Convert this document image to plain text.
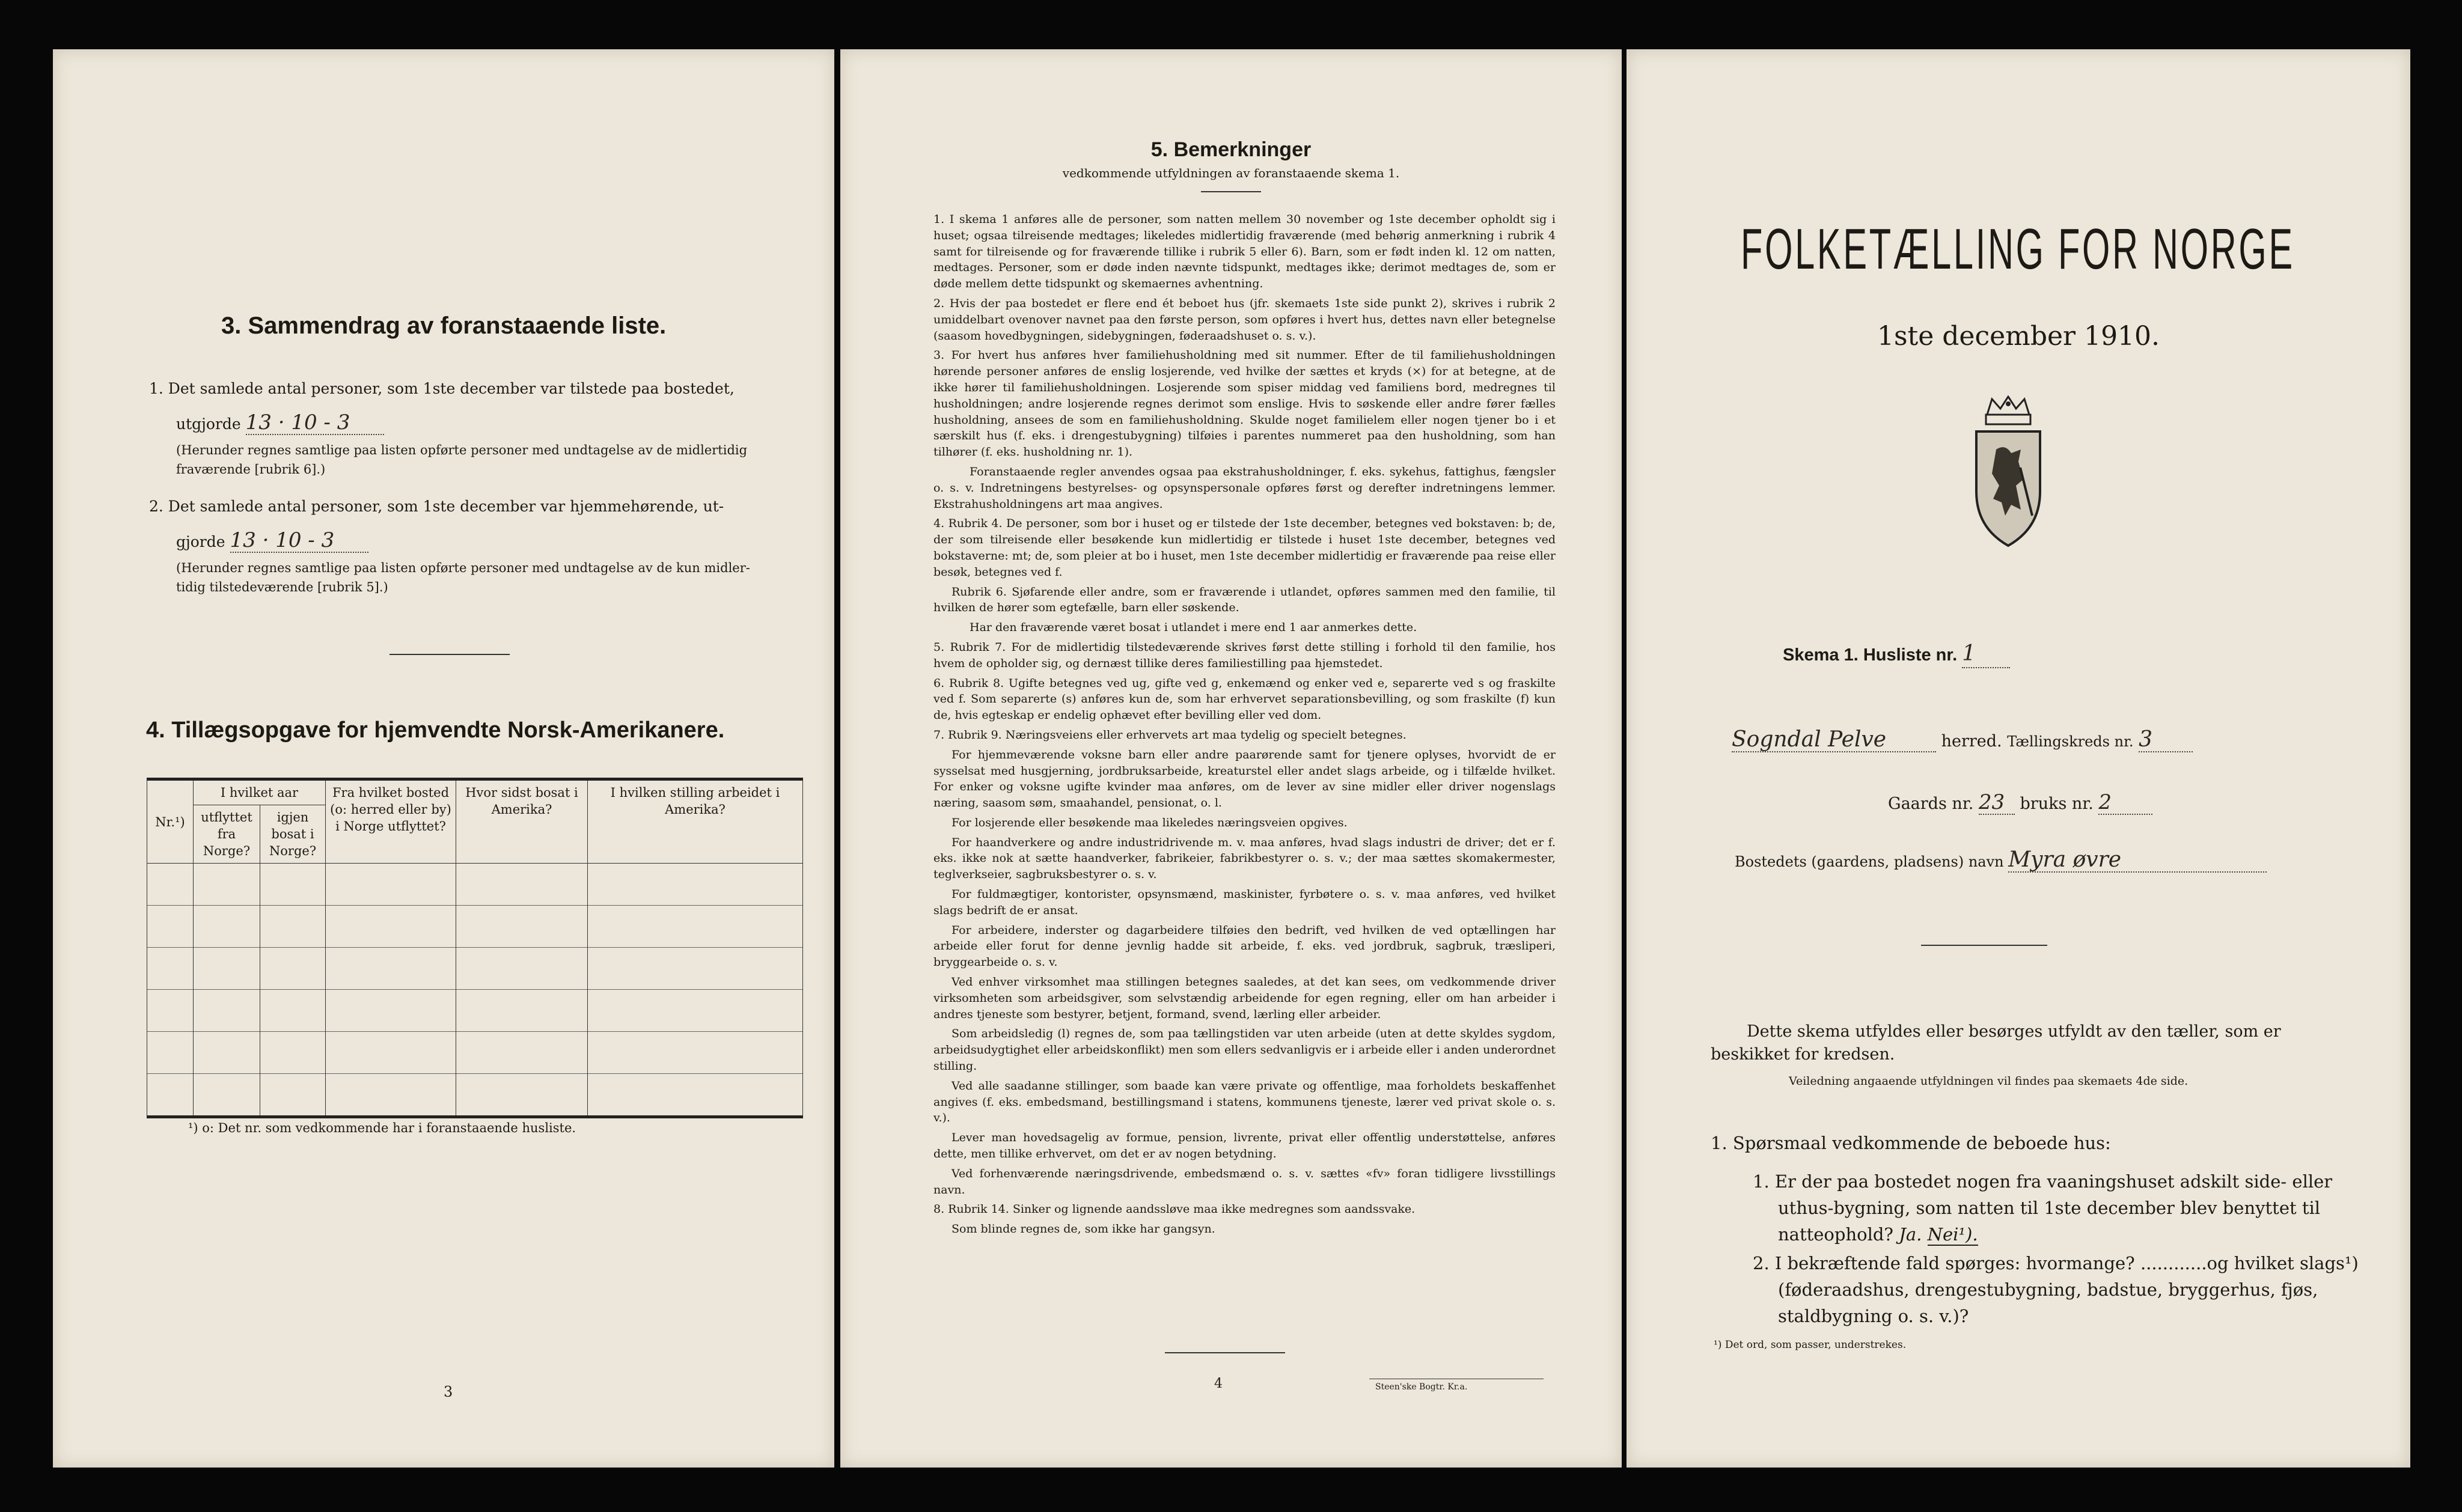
3. Sammendrag av foranstaaende liste.
1. Det samlede antal personer, som 1ste december var tilstede paa bostedet,
utgjorde 13 · 10 - 3
(Herunder regnes samtlige paa listen opførte personer med undtagelse av de midlertidig
fraværende [rubrik 6].)
2. Det samlede antal personer, som 1ste december var hjemmehørende, ut-
gjorde 13 · 10 - 3
(Herunder regnes samtlige paa listen opførte personer med undtagelse av de kun midler-
tidig tilstedeværende [rubrik 5].)
4. Tillægsopgave for hjemvendte Norsk-Amerikanere.
Nr.¹)	I hvilket aar		Fra hvilket bosted (o: herred eller by) i Norge utflyttet?	Hvor sidst bosat i Amerika?	I hvilken stilling arbeidet i Amerika?
	utflyttet fra Norge?	igjen bosat i Norge?			

¹) o: Det nr. som vedkommende har i foranstaaende husliste.
3
5. Bemerkninger
vedkommende utfyldningen av foranstaaende skema 1.

1. I skema 1 anføres alle de personer, som natten mellem 30 november og 1ste december opholdt sig i huset; ogsaa tilreisende medtages; likeledes midlertidig fraværende (med behørig anmerkning i rubrik 4 samt for tilreisende og for fraværende tillike i rubrik 5 eller 6). Barn, som er født inden kl. 12 om natten, medtages. Personer, som er døde inden nævnte tidspunkt, medtages ikke; derimot medtages de, som er døde mellem dette tidspunkt og skemaernes avhentning.

2. Hvis der paa bostedet er flere end ét beboet hus (jfr. skemaets 1ste side punkt 2), skrives i rubrik 2 umiddelbart ovenover navnet paa den første person, som opføres i hvert hus, dettes navn eller betegnelse (saasom hovedbygningen, sidebygningen, føderaadshuset o. s. v.).

3. For hvert hus anføres hver familiehusholdning med sit nummer. Efter de til familiehusholdningen hørende personer anføres de enslig losjerende, ved hvilke der sættes et kryds (×) for at betegne, at de ikke hører til familiehusholdningen. Losjerende som spiser middag ved familiens bord, medregnes til husholdningen; andre losjerende regnes derimot som enslige. Hvis to søskende eller andre fører fælles husholdning, ansees de som en familiehusholdning. Skulde noget familielem eller nogen tjener bo i et særskilt hus (f. eks. i drengestubygning) tilføies i parentes nummeret paa den husholdning, som han tilhører (f. eks. husholdning nr. 1).

Foranstaaende regler anvendes ogsaa paa ekstrahusholdninger, f. eks. sykehus, fattighus, fængsler o. s. v. Indretningens bestyrelses- og opsynspersonale opføres først og derefter indretningens lemmer. Ekstrahusholdningens art maa angives.

4. Rubrik 4. De personer, som bor i huset og er tilstede der 1ste december, betegnes ved bokstaven: b; de, der som tilreisende eller besøkende kun midlertidig er tilstede i huset 1ste december, betegnes ved bokstaverne: mt; de, som pleier at bo i huset, men 1ste december midlertidig er fraværende paa reise eller besøk, betegnes ved f.

Rubrik 6. Sjøfarende eller andre, som er fraværende i utlandet, opføres sammen med den familie, til hvilken de hører som egtefælle, barn eller søskende.

Har den fraværende været bosat i utlandet i mere end 1 aar anmerkes dette.

5. Rubrik 7. For de midlertidig tilstedeværende skrives først dette stilling i forhold til den familie, hos hvem de opholder sig, og dernæst tillike deres familiestilling paa hjemstedet.

6. Rubrik 8. Ugifte betegnes ved ug, gifte ved g, enkemænd og enker ved e, separerte ved s og fraskilte ved f. Som separerte (s) anføres kun de, som har erhvervet separationsbevilling, og som fraskilte (f) kun de, hvis egteskap er endelig ophævet efter bevilling eller ved dom.

7. Rubrik 9. Næringsveiens eller erhvervets art maa tydelig og specielt betegnes.

For hjemmeværende voksne barn eller andre paarørende samt for tjenere oplyses, hvorvidt de er sysselsat med husgjerning, jordbruksarbeide, kreaturstel eller andet slags arbeide, og i tilfælde hvilket. For enker og voksne ugifte kvinder maa anføres, om de lever av sine midler eller driver nogenslags næring, saasom søm, smaahandel, pensionat, o. l.

For losjerende eller besøkende maa likeledes næringsveien opgives.

For haandverkere og andre industridrivende m. v. maa anføres, hvad slags industri de driver; det er f. eks. ikke nok at sætte haandverker, fabrikeier, fabrikbestyrer o. s. v.; der maa sættes skomakermester, teglverkseier, sagbruksbestyrer o. s. v.

For fuldmægtiger, kontorister, opsynsmænd, maskinister, fyrbøtere o. s. v. maa anføres, ved hvilket slags bedrift de er ansat.

For arbeidere, inderster og dagarbeidere tilføies den bedrift, ved hvilken de ved optællingen har arbeide eller forut for denne jevnlig hadde sit arbeide, f. eks. ved jordbruk, sagbruk, træsliperi, bryggearbeide o. s. v.

Ved enhver virksomhet maa stillingen betegnes saaledes, at det kan sees, om vedkommende driver virksomheten som arbeidsgiver, som selvstændig arbeidende for egen regning, eller om han arbeider i andres tjeneste som bestyrer, betjent, formand, svend, lærling eller arbeider.

Som arbeidsledig (l) regnes de, som paa tællingstiden var uten arbeide (uten at dette skyldes sygdom, arbeidsudygtighet eller arbeidskonflikt) men som ellers sedvanligvis er i arbeide eller i anden underordnet stilling.

Ved alle saadanne stillinger, som baade kan være private og offentlige, maa forholdets beskaffenhet angives (f. eks. embedsmand, bestillingsmand i statens, kommunens tjeneste, lærer ved privat skole o. s. v.).

Lever man hovedsagelig av formue, pension, livrente, privat eller offentlig understøttelse, anføres dette, men tillike erhvervet, om det er av nogen betydning.

Ved forhenværende næringsdrivende, embedsmænd o. s. v. sættes «fv» foran tidligere livsstillings navn.

8. Rubrik 14. Sinker og lignende aandssløve maa ikke medregnes som aandssvake.

Som blinde regnes de, som ikke har gangsyn.

4	Steen'ske Bogtr. Kr.a.
FOLKETÆLLING FOR NORGE
1ste december 1910.
Skema 1. Husliste nr. 1
Sogndal Pelve	herred. Tællingskreds nr. 3
Gaards nr. 23 bruks nr. 2
Bostedets (gaardens, pladsens) navn Myra øvre
Dette skema utfyldes eller besørges utfyldt av den tæller, som er beskikket for kredsen.
Veiledning angaaende utfyldningen vil findes paa skemaets 4de side.
1. Spørsmaal vedkommende de beboede hus:
1. Er der paa bostedet nogen fra vaaningshuset adskilt side- eller uthus-bygning, som natten til 1ste december blev benyttet til natteophold? Ja. Nei¹).
2. I bekræftende fald spørges: hvormange? ............og hvilket slags¹) (føderaadshus, drengestubygning, badstue, bryggerhus, fjøs, staldbygning o. s. v.)?
¹) Det ord, som passer, understrekes.
